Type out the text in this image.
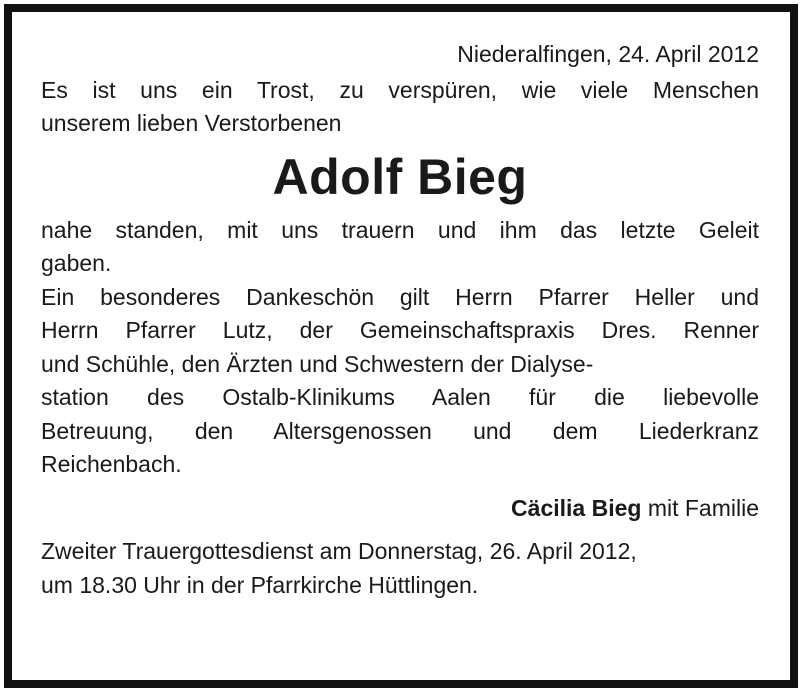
Niederalfingen, 24. April 2012
Es ist uns ein Trost, zu verspüren, wie viele Menschen
unserem lieben Verstorbenen
Adolf Bieg
nahe standen, mit uns trauern und ihm das letzte Geleit
gaben.
Ein besonderes Dankeschön gilt Herrn Pfarrer Heller und
Herrn Pfarrer Lutz, der Gemeinschaftspraxis Dres. Renner
und Schühle, den Ärzten und Schwestern der Dialyse-
station des Ostalb-Klinikums Aalen für die liebevolle
Betreuung, den Altersgenossen und dem Liederkranz
Reichenbach.
Cäcilia Bieg mit Familie
Zweiter Trauergottesdienst am Donnerstag, 26. April 2012,
um 18.30 Uhr in der Pfarrkirche Hüttlingen.
